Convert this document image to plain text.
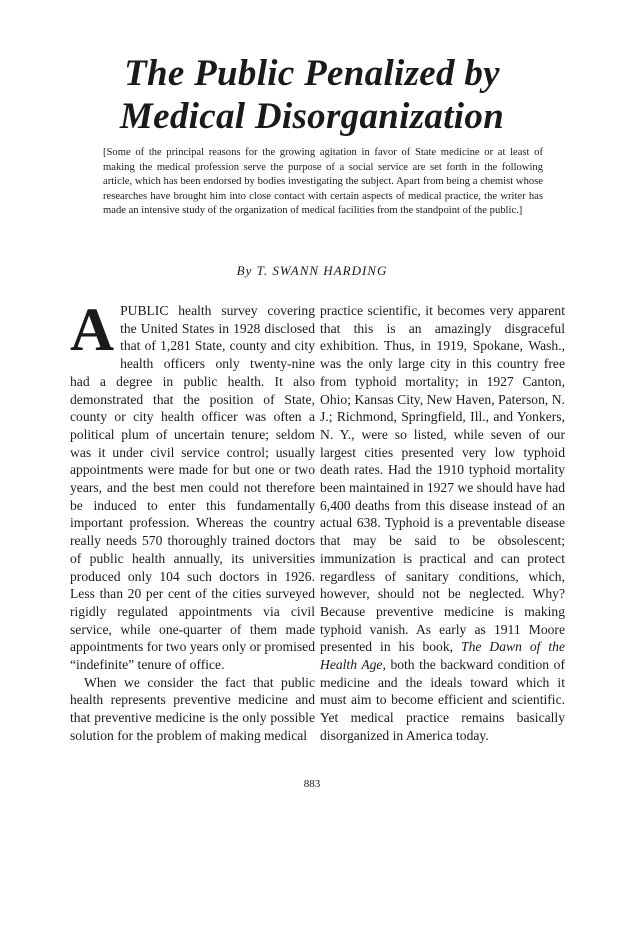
The Public Penalized by Medical Disorganization
[Some of the principal reasons for the growing agitation in favor of State medicine or at least of making the medical profession serve the purpose of a social service are set forth in the following article, which has been endorsed by bodies investigating the subject. Apart from being a chemist whose researches have brought him into close contact with certain aspects of medical practice, the writer has made an intensive study of the organization of medical facilities from the standpoint of the public.]
By T. SWANN HARDING

APUBLIC health survey covering the United States in 1928 disclosed that of 1,281 State, county and city health officers only twenty-nine had a degree in public health. It also demonstrated that the position of State, county or city health officer was often a political plum of uncertain tenure; seldom was it under civil service control; usually appointments were made for but one or two years, and the best men could not therefore be induced to enter this fundamentally important profession. Whereas the country really needs 570 thoroughly trained doctors of public health annually, its universities produced only 104 such doctors in 1926. Less than 20 per cent of the cities surveyed rigidly regulated appointments via civil service, while one-quarter of them made appointments for two years only or promised “indefinite” tenure of office.

When we consider the fact that public health represents preventive medicine and that preventive medicine is the only possible solution for the problem of making medical

practice scientific, it becomes very apparent that this is an amazingly disgraceful exhibition. Thus, in 1919, Spokane, Wash., was the only large city in this country free from typhoid mortality; in 1927 Canton, Ohio; Kansas City, New Haven, Paterson, N. J.; Richmond, Springfield, Ill., and Yonkers, N. Y., were so listed, while seven of our largest cities presented very low typhoid death rates. Had the 1910 typhoid mortality been maintained in 1927 we should have had 6,400 deaths from this disease instead of an actual 638. Typhoid is a preventable disease that may be said to be obsolescent; immunization is practical and can protect regardless of sanitary conditions, which, however, should not be neglected. Why? Because preventive medicine is making typhoid vanish. As early as 1911 Moore presented in his book, The Dawn of the Health Age, both the backward condition of medicine and the ideals toward which it must aim to become efficient and scientific. Yet medical practice remains basically disorganized in America today.

883
